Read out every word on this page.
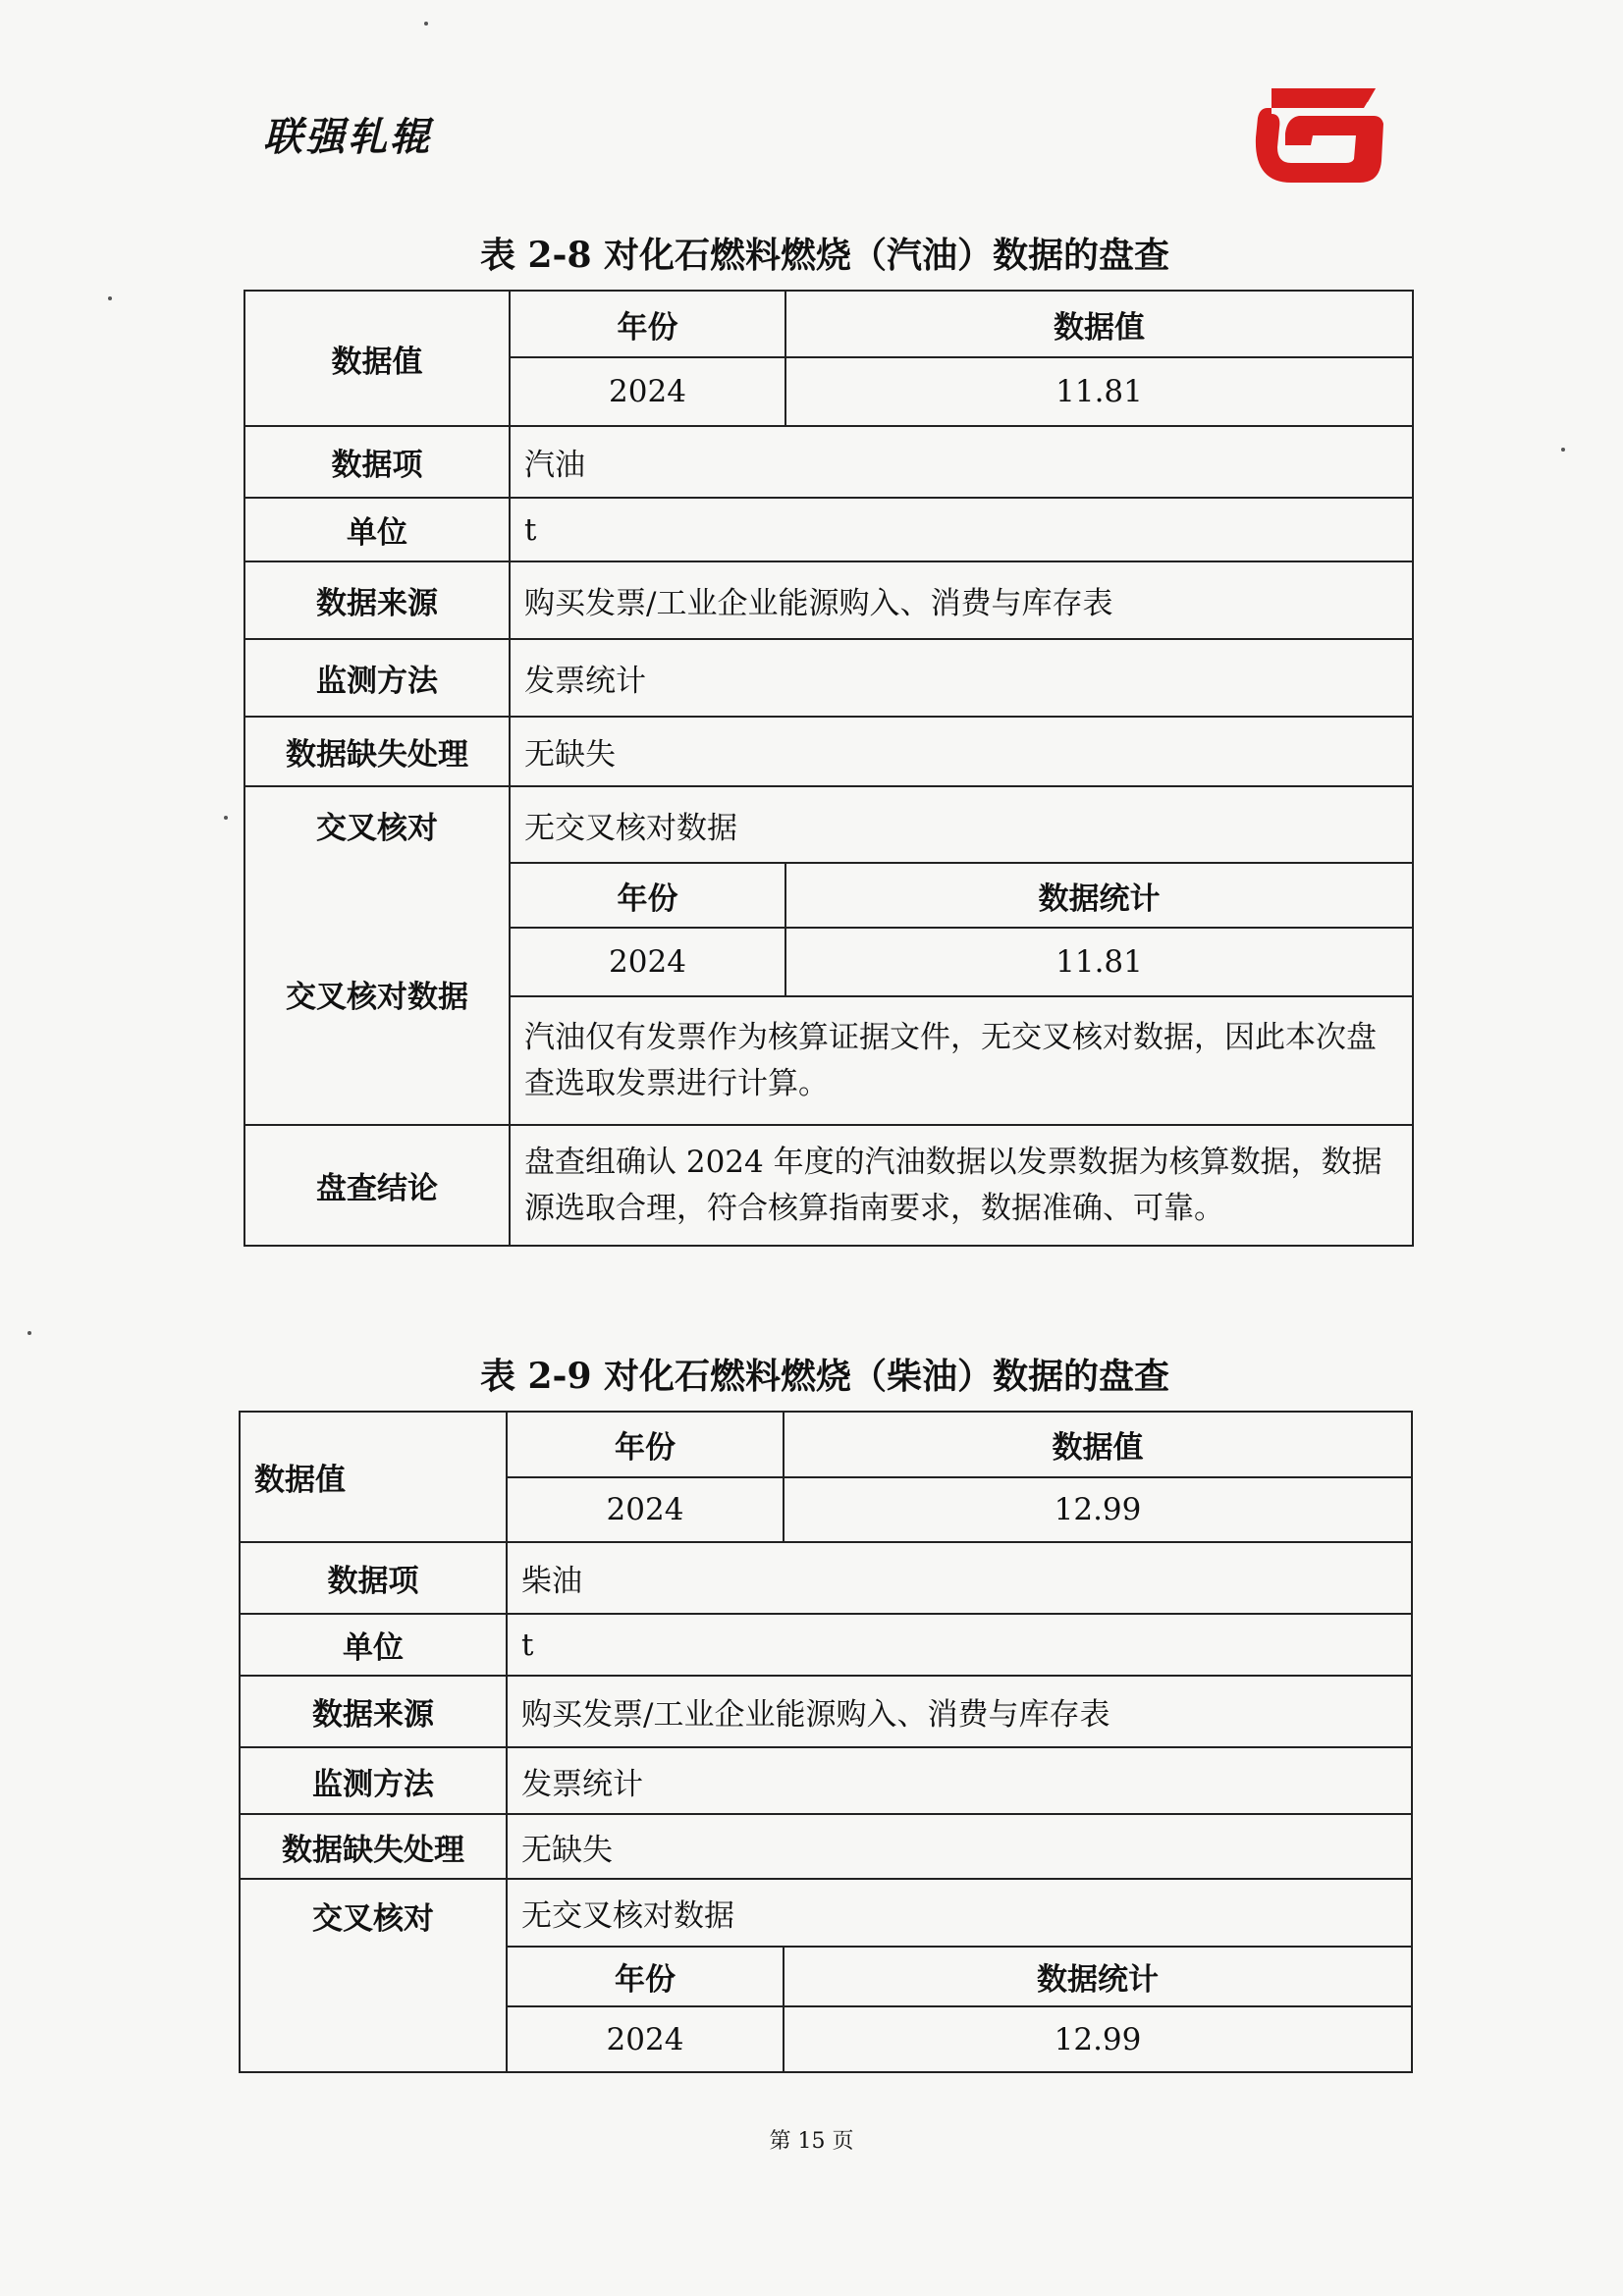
联强轧辊
表 2-8 对化石燃料燃烧（汽油）数据的盘查
数据值	年份	数据值
	2024	11.81
数据项	汽油	
单位	t	
数据来源	购买发票/工业企业能源购入、消费与库存表	
监测方法	发票统计	
数据缺失处理	无缺失	
交叉核对	无交叉核对数据	
交叉核对数据	年份	数据统计
	2024	11.81
	汽油仅有发票作为核算证据文件，无交叉核对数据，因此本次盘查选取发票进行计算。	
盘查结论	盘查组确认 2024 年度的汽油数据以发票数据为核算数据，数据源选取合理，符合核算指南要求，数据准确、可靠。	
表 2-9 对化石燃料燃烧（柴油）数据的盘查
数据值	年份	数据值
	2024	12.99
数据项	柴油	
单位	t	
数据来源	购买发票/工业企业能源购入、消费与库存表	
监测方法	发票统计	
数据缺失处理	无缺失	
交叉核对	无交叉核对数据	
	年份	数据统计
	2024	12.99
第 15 页
